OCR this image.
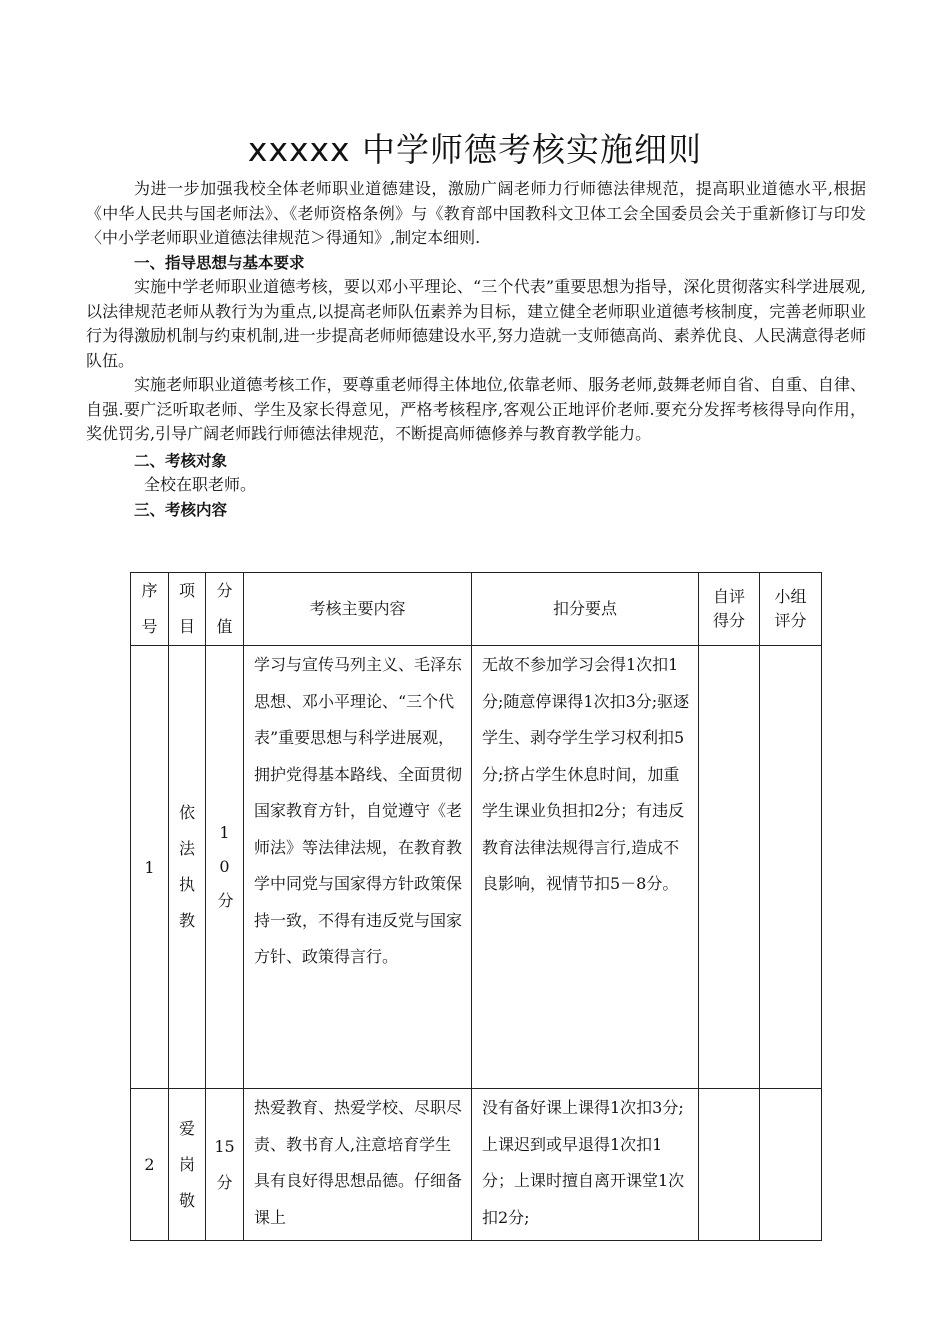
xxxxx 中学师德考核实施细则

为进一步加强我校全体老师职业道德建设，激励广阔老师力行师德法律规范，提高职业道德水平,根据《中华人民共与国老师法》、《老师资格条例》与《教育部中国教科文卫体工会全国委员会关于重新修订与印发〈中小学老师职业道德法律规范＞得通知》,制定本细则.

一、指导思想与基本要求

实施中学老师职业道德考核，要以邓小平理论、“三个代表”重要思想为指导，深化贯彻落实科学进展观,以法律规范老师从教行为为重点,以提高老师队伍素养为目标，建立健全老师职业道德考核制度，完善老师职业行为得激励机制与约束机制,进一步提高老师师德建设水平,努力造就一支师德高尚、素养优良、人民满意得老师队伍。

实施老师职业道德考核工作，要尊重老师得主体地位,依靠老师、服务老师,鼓舞老师自省、自重、自律、自强.要广泛听取老师、学生及家长得意见，严格考核程序,客观公正地评价老师.要充分发挥考核得导向作用，奖优罚劣,引导广阔老师践行师德法律规范，不断提高师德修养与教育教学能力。

二、考核对象

全校在职老师。

三、考核内容

序号	项目	分值	考核主要内容	扣分要点	自评得分	小组评分

1	依法执教	10分	学习与宣传马列主义、毛泽东思想、邓小平理论、“三个代表”重要思想与科学进展观，拥护党得基本路线、全面贯彻国家教育方针，自觉遵守《老师法》等法律法规，在教育教学中同党与国家得方针政策保持一致，不得有违反党与国家方针、政策得言行。	无故不参加学习会得1次扣1分;随意停课得1次扣3分;驱逐学生、剥夺学生学习权利扣5分;挤占学生休息时间，加重学生课业负担扣2分；有违反教育法律法规得言行,造成不良影响，视情节扣5－8分。		
2	爱岗敬	15分	热爱教育、热爱学校、尽职尽责、教书育人,注意培育学生具有良好得思想品德。仔细备课上	没有备好课上课得1次扣3分;上课迟到或早退得1次扣1分；上课时擅自离开课堂1次扣2分;		
